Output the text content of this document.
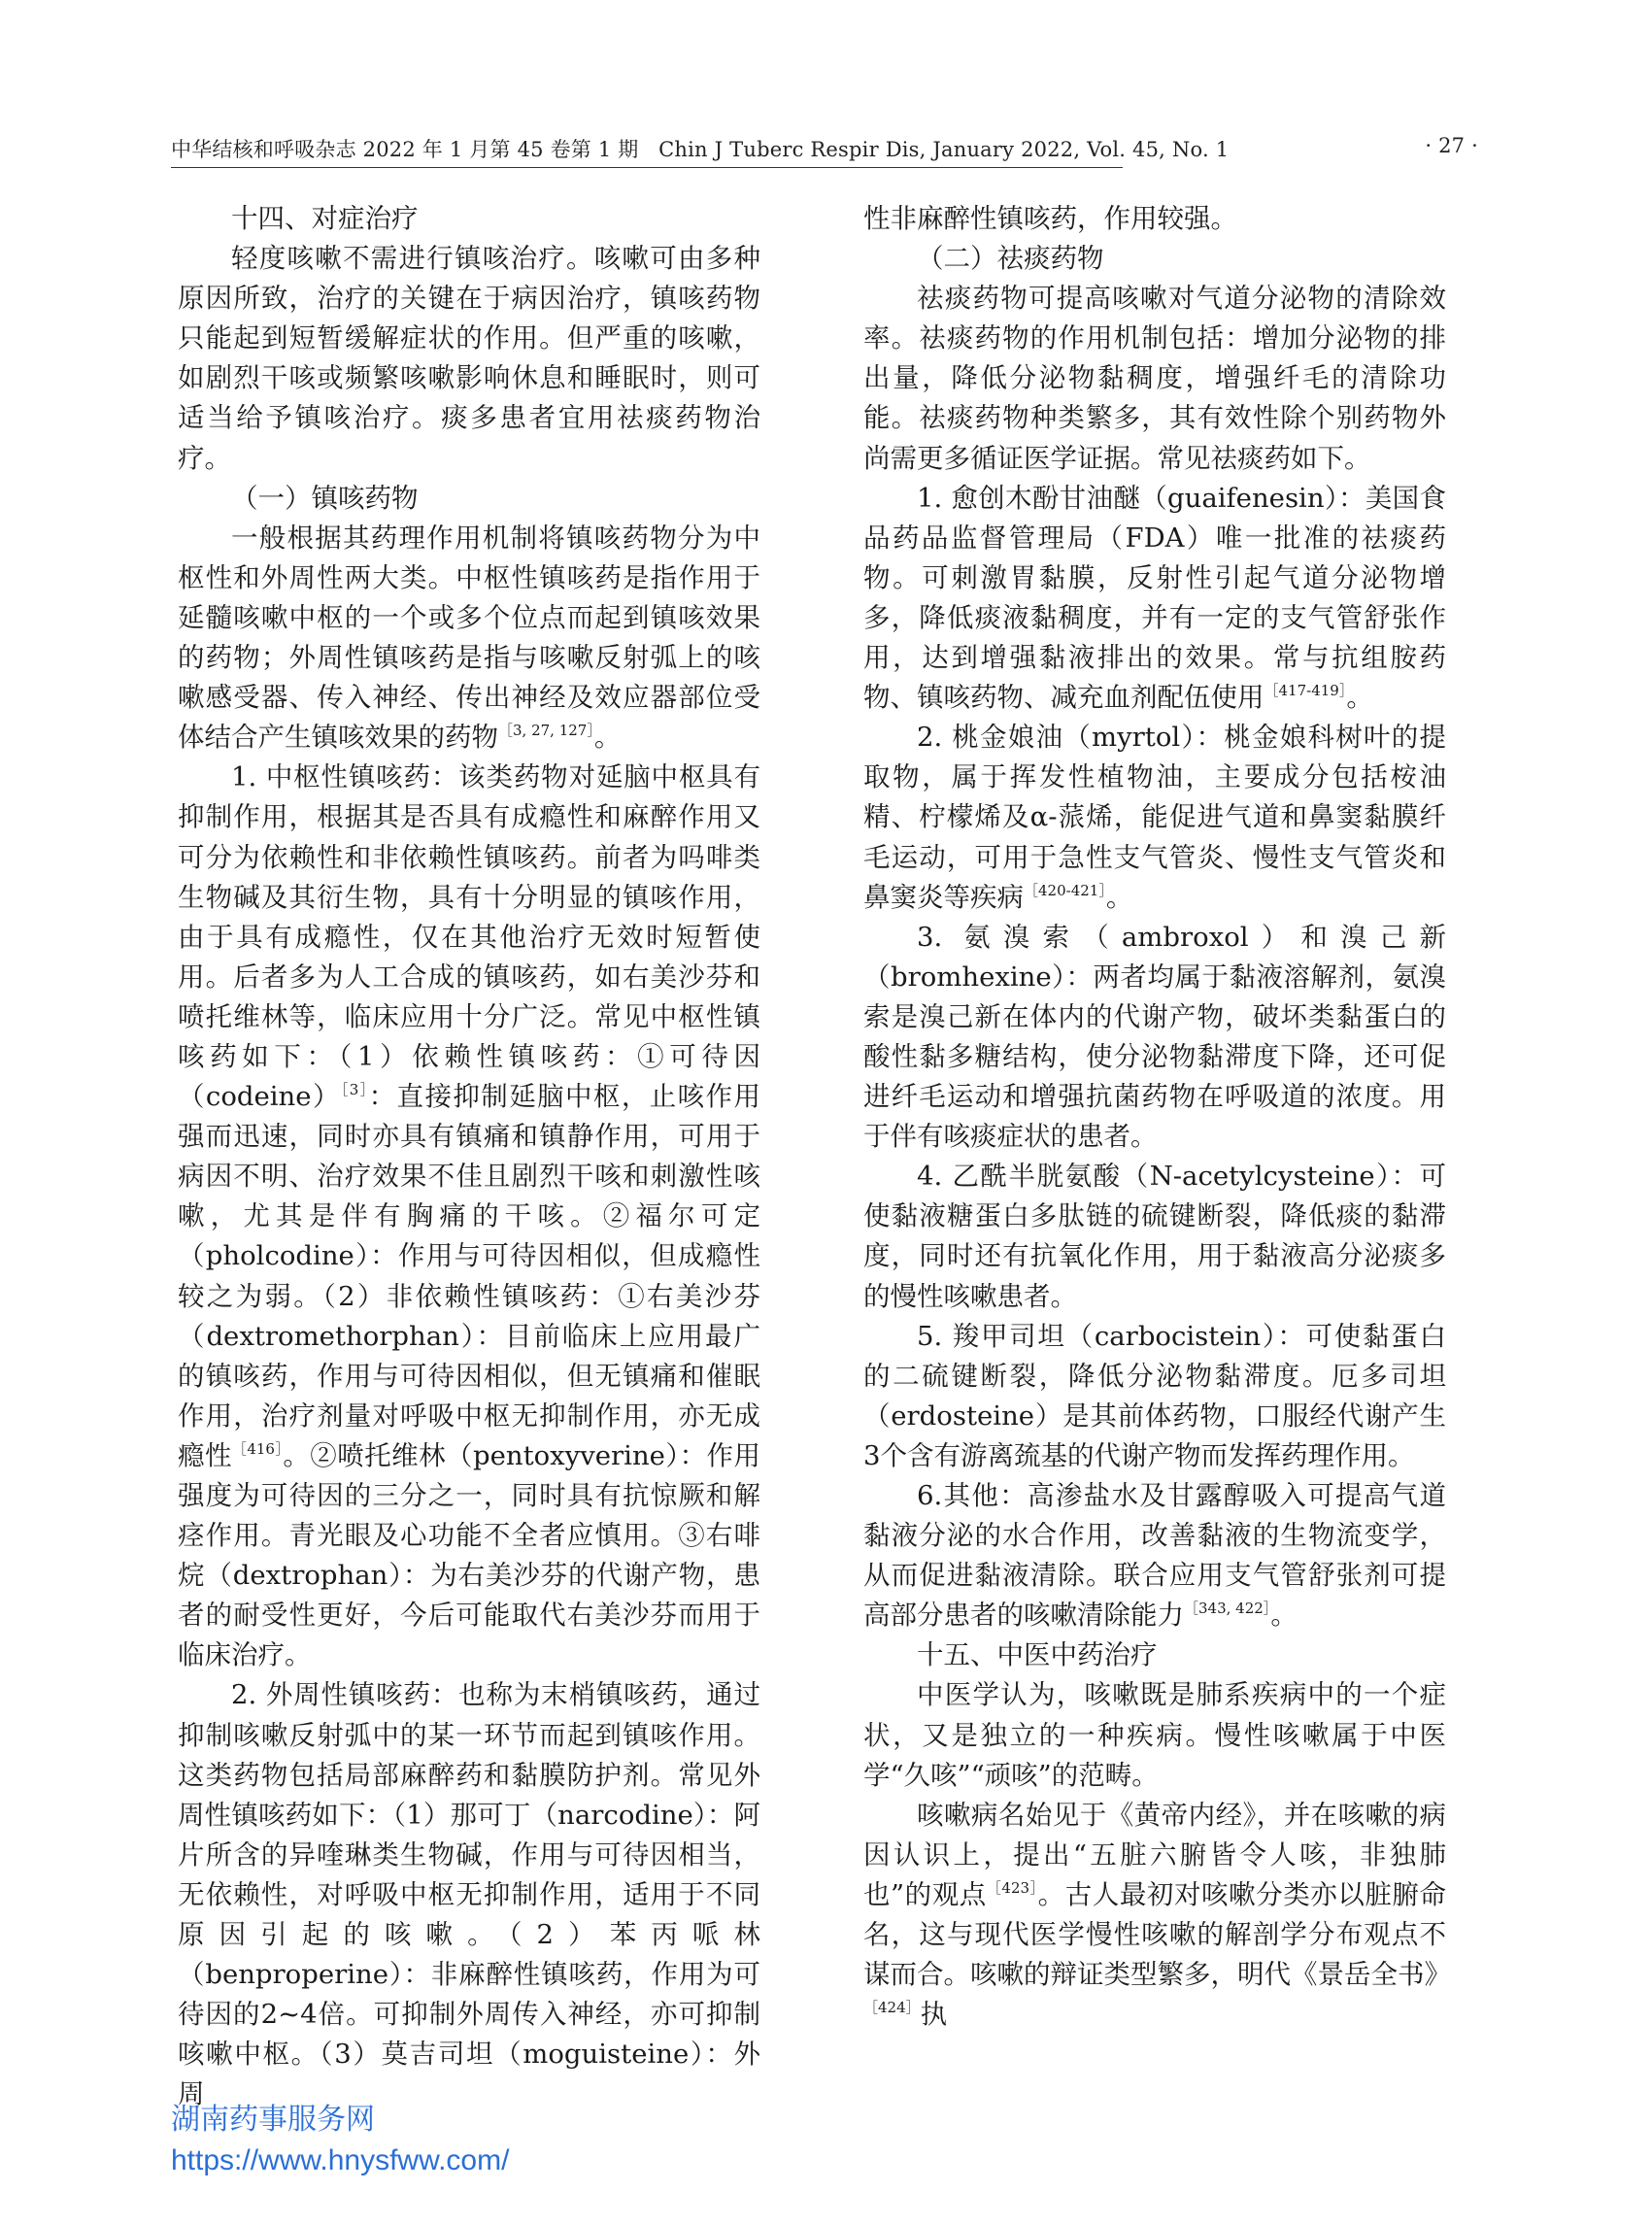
中华结核和呼吸杂志 2022 年 1 月第 45 卷第 1 期 Chin J Tuberc Respir Dis, January 2022, Vol. 45, No. 1	· 27 ·

十四、对症治疗

轻度咳嗽不需进行镇咳治疗。咳嗽可由多种原因所致，治疗的关键在于病因治疗，镇咳药物只能起到短暂缓解症状的作用。但严重的咳嗽，如剧烈干咳或频繁咳嗽影响休息和睡眠时，则可适当给予镇咳治疗。痰多患者宜用祛痰药物治疗。

（一）镇咳药物

一般根据其药理作用机制将镇咳药物分为中枢性和外周性两大类。中枢性镇咳药是指作用于延髓咳嗽中枢的一个或多个位点而起到镇咳效果的药物；外周性镇咳药是指与咳嗽反射弧上的咳嗽感受器、传入神经、传出神经及效应器部位受体结合产生镇咳效果的药物$^{[3, 27, 127]}$。

1. 中枢性镇咳药：该类药物对延脑中枢具有抑制作用，根据其是否具有成瘾性和麻醉作用又可分为依赖性和非依赖性镇咳药。前者为吗啡类生物碱及其衍生物，具有十分明显的镇咳作用，由于具有成瘾性，仅在其他治疗无效时短暂使用。后者多为人工合成的镇咳药，如右美沙芬和喷托维林等，临床应用十分广泛。常见中枢性镇咳药如下：（1）依赖性镇咳药：①可待因（codeine）$^{[3]}$：直接抑制延脑中枢，止咳作用强而迅速，同时亦具有镇痛和镇静作用，可用于病因不明、治疗效果不佳且剧烈干咳和刺激性咳嗽，尤其是伴有胸痛的干咳。②福尔可定（pholcodine）：作用与可待因相似，但成瘾性较之为弱。（2）非依赖性镇咳药：①右美沙芬（dextromethorphan）：目前临床上应用最广的镇咳药，作用与可待因相似，但无镇痛和催眠作用，治疗剂量对呼吸中枢无抑制作用，亦无成瘾性$^{[416]}$。②喷托维林（pentoxyverine）：作用强度为可待因的三分之一，同时具有抗惊厥和解痉作用。青光眼及心功能不全者应慎用。③右啡烷（dextrophan）：为右美沙芬的代谢产物，患者的耐受性更好，今后可能取代右美沙芬而用于临床治疗。

2. 外周性镇咳药：也称为末梢镇咳药，通过抑制咳嗽反射弧中的某一环节而起到镇咳作用。这类药物包括局部麻醉药和黏膜防护剂。常见外周性镇咳药如下：（1）那可丁（narcodine）：阿片所含的异喹琳类生物碱，作用与可待因相当，无依赖性，对呼吸中枢无抑制作用，适用于不同原因引起的咳嗽。（2）苯丙哌林（benproperine）：非麻醉性镇咳药，作用为可待因的2~4倍。可抑制外周传入神经，亦可抑制咳嗽中枢。（3）莫吉司坦（moguisteine）：外周

性非麻醉性镇咳药，作用较强。

（二）祛痰药物

祛痰药物可提高咳嗽对气道分泌物的清除效率。祛痰药物的作用机制包括：增加分泌物的排出量，降低分泌物黏稠度，增强纤毛的清除功能。祛痰药物种类繁多，其有效性除个别药物外尚需更多循证医学证据。常见祛痰药如下。

1. 愈创木酚甘油醚（guaifenesin）：美国食品药品监督管理局（FDA）唯一批准的祛痰药物。可刺激胃黏膜，反射性引起气道分泌物增多，降低痰液黏稠度，并有一定的支气管舒张作用，达到增强黏液排出的效果。常与抗组胺药物、镇咳药物、减充血剂配伍使用$^{[417-419]}$。

2. 桃金娘油（myrtol）：桃金娘科树叶的提取物，属于挥发性植物油，主要成分包括桉油精、柠檬烯及α-蒎烯，能促进气道和鼻窦黏膜纤毛运动，可用于急性支气管炎、慢性支气管炎和鼻窦炎等疾病$^{[420-421]}$。

3. 氨溴索（ambroxol）和溴己新（bromhexine）：两者均属于黏液溶解剂，氨溴索是溴己新在体内的代谢产物，破坏类黏蛋白的酸性黏多糖结构，使分泌物黏滞度下降，还可促进纤毛运动和增强抗菌药物在呼吸道的浓度。用于伴有咳痰症状的患者。

4. 乙酰半胱氨酸（N-acetylcysteine）：可使黏液糖蛋白多肽链的硫键断裂，降低痰的黏滞度，同时还有抗氧化作用，用于黏液高分泌痰多的慢性咳嗽患者。

5. 羧甲司坦（carbocistein）：可使黏蛋白的二硫键断裂，降低分泌物黏滞度。厄多司坦（erdosteine）是其前体药物，口服经代谢产生3个含有游离巯基的代谢产物而发挥药理作用。

6.其他：高渗盐水及甘露醇吸入可提高气道黏液分泌的水合作用，改善黏液的生物流变学，从而促进黏液清除。联合应用支气管舒张剂可提高部分患者的咳嗽清除能力$^{[343, 422]}$。

十五、中医中药治疗

中医学认为，咳嗽既是肺系疾病中的一个症状，又是独立的一种疾病。慢性咳嗽属于中医学“久咳”“顽咳”的范畴。

咳嗽病名始见于《黄帝内经》，并在咳嗽的病因认识上，提出“五脏六腑皆令人咳，非独肺也”的观点$^{[423]}$。古人最初对咳嗽分类亦以脏腑命名，这与现代医学慢性咳嗽的解剖学分布观点不谋而合。咳嗽的辩证类型繁多，明代《景岳全书》$^{[424]}$执

湖南药事服务网
https://www.hnysfww.com/
